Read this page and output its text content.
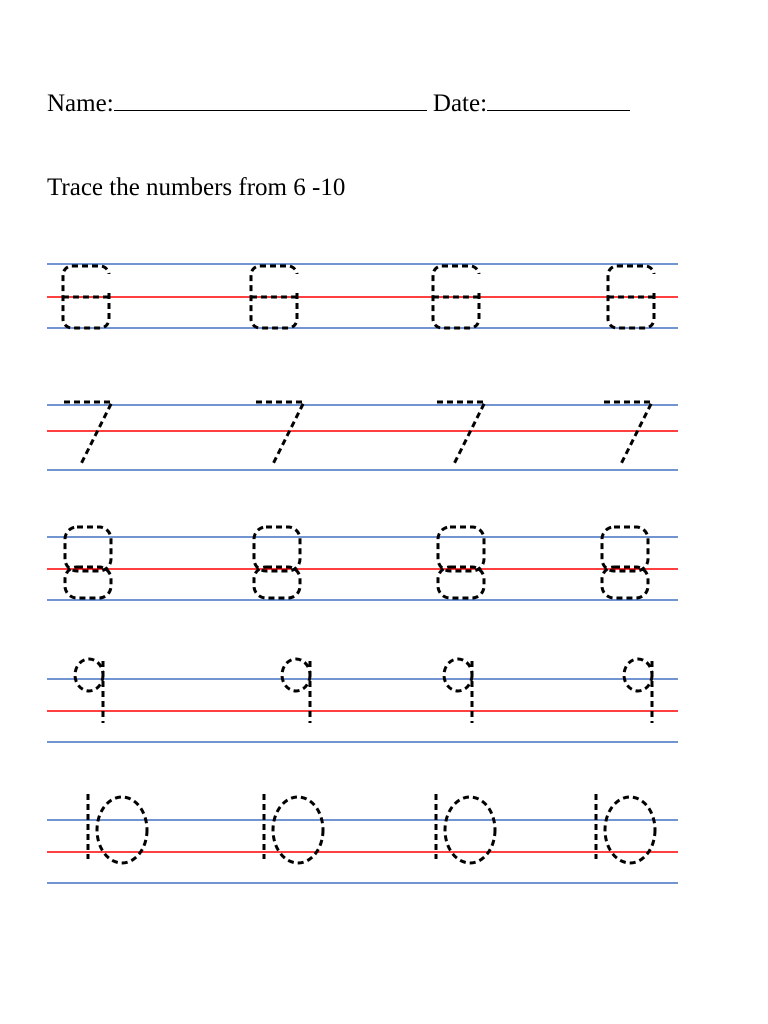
Name:	Date:
Trace the numbers from 6 -10
